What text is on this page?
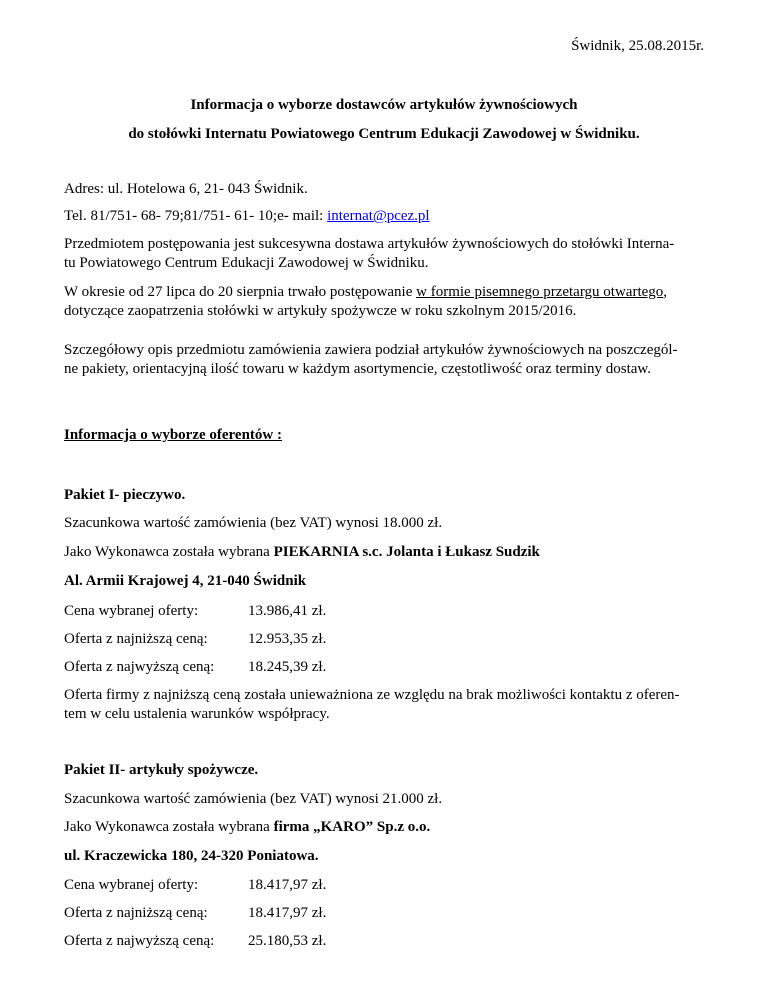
Świdnik, 25.08.2015r.
Informacja o wyborze dostawców artykułów żywnościowych
do stołówki Internatu Powiatowego Centrum Edukacji Zawodowej w Świdniku.
Adres: ul. Hotelowa 6, 21- 043 Świdnik.
Tel. 81/751- 68- 79;81/751- 61- 10;e- mail: internat@pcez.pl
Przedmiotem postępowania jest sukcesywna dostawa artykułów żywnościowych do stołówki Interna-
tu Powiatowego Centrum Edukacji Zawodowej w Świdniku.
W okresie od 27 lipca do 20 sierpnia trwało postępowanie w formie pisemnego przetargu otwartego,
dotyczące zaopatrzenia stołówki w artykuły spożywcze w roku szkolnym 2015/2016.
Szczegółowy opis przedmiotu zamówienia zawiera podział artykułów żywnościowych na poszczegól-
ne pakiety, orientacyjną ilość towaru w każdym asortymencie, częstotliwość oraz terminy dostaw.
Informacja o wyborze oferentów :
Pakiet I- pieczywo.
Szacunkowa wartość zamówienia (bez VAT) wynosi 18.000 zł.
Jako Wykonawca została wybrana PIEKARNIA s.c. Jolanta i Łukasz Sudzik
Al. Armii Krajowej 4, 21-040 Świdnik
Cena wybranej oferty:	13.986,41 zł.
Oferta z najniższą ceną:	12.953,35 zł.
Oferta z najwyższą ceną: 18.245,39 zł.
Oferta firmy z najniższą ceną została unieważniona ze względu na brak możliwości kontaktu z oferen-
tem w celu ustalenia warunków współpracy.
Pakiet II- artykuły spożywcze.
Szacunkowa wartość zamówienia (bez VAT) wynosi 21.000 zł.
Jako Wykonawca została wybrana firma „KARO” Sp.z o.o.
ul. Kraczewicka 180, 24-320 Poniatowa.
Cena wybranej oferty:	18.417,97 zł.
Oferta z najniższą ceną:	18.417,97 zł.
Oferta z najwyższą ceną: 25.180,53 zł.
